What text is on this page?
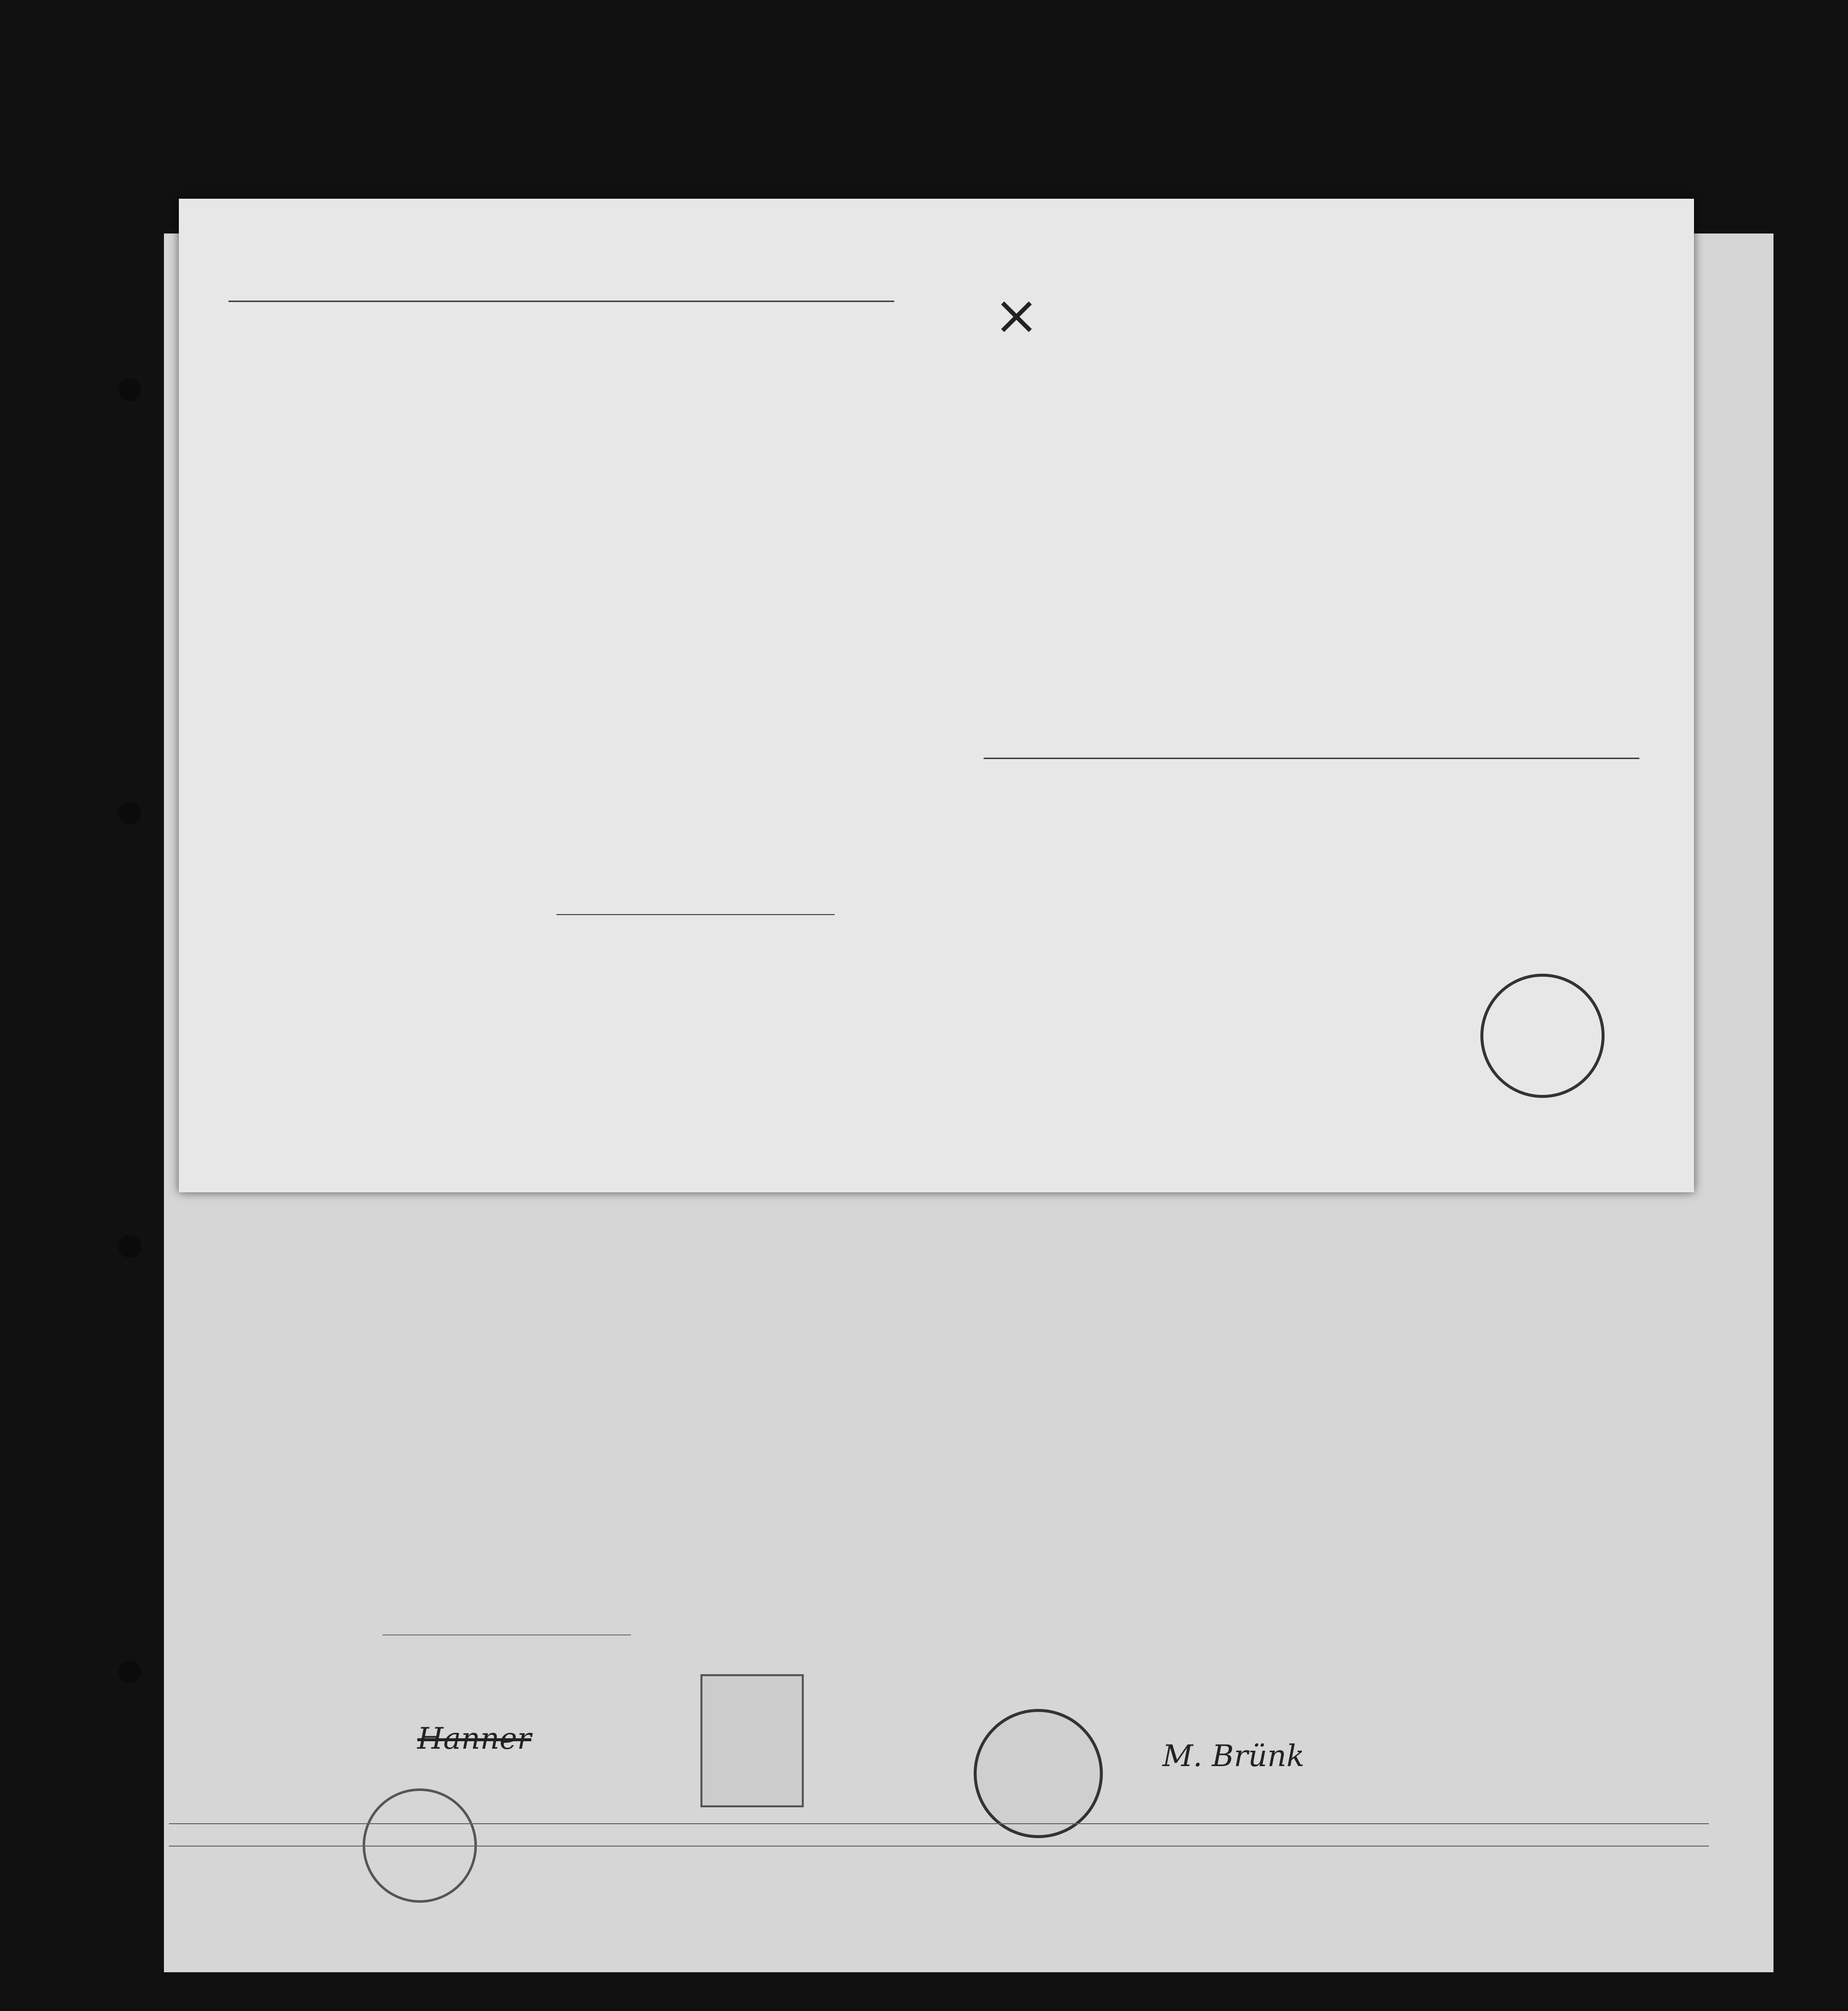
Hanner	M. Brünk
×
